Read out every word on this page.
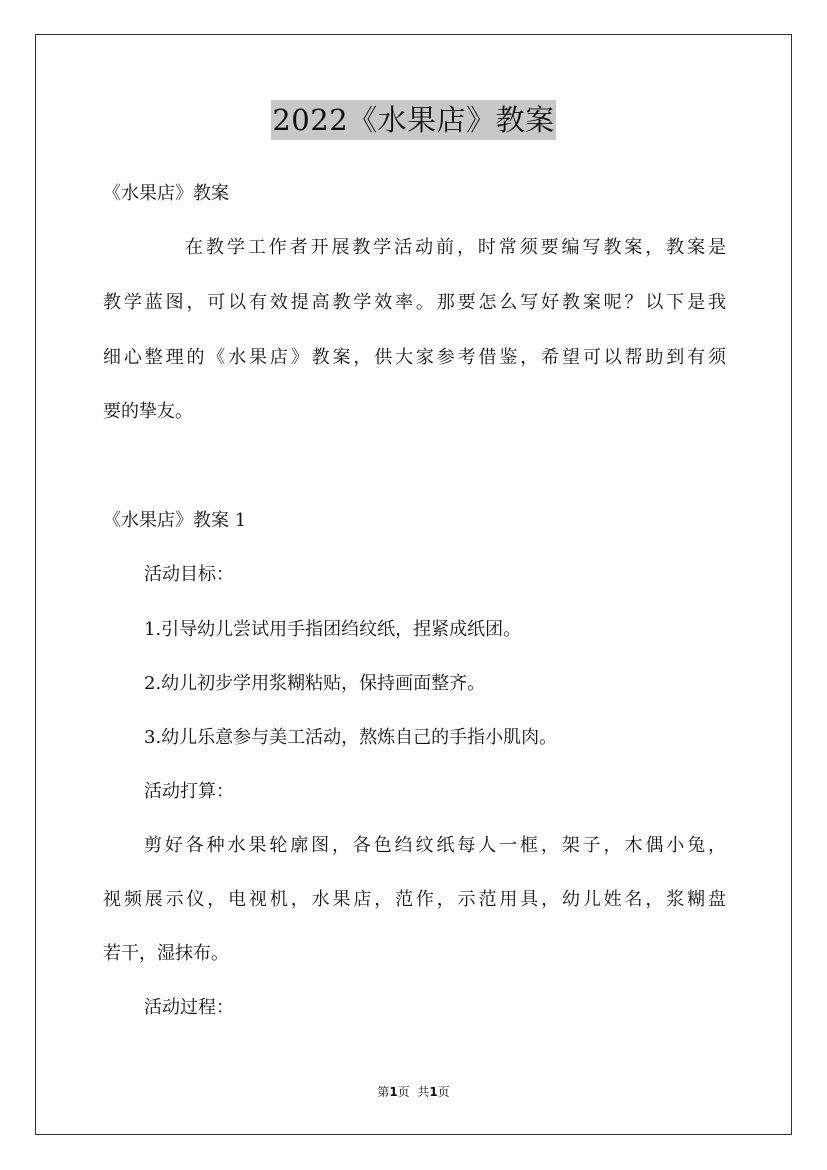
2022《水果店》教案
《水果店》教案
在教学工作者开展教学活动前，时常须要编写教案，教案是
教学蓝图，可以有效提高教学效率。那要怎么写好教案呢？以下是我
细心整理的《水果店》教案，供大家参考借鉴，希望可以帮助到有须
要的挚友。
《水果店》教案 1
活动目标：
1.引导幼儿尝试用手指团绉纹纸，捏紧成纸团。
2.幼儿初步学用浆糊粘贴，保持画面整齐。
3.幼儿乐意参与美工活动，熬炼自己的手指小肌肉。
活动打算：
剪好各种水果轮廓图，各色绉纹纸每人一框，架子，木偶小兔，
视频展示仪，电视机，水果店，范作，示范用具，幼儿姓名，浆糊盘
若干，湿抹布。
活动过程：
第1页  共1页
